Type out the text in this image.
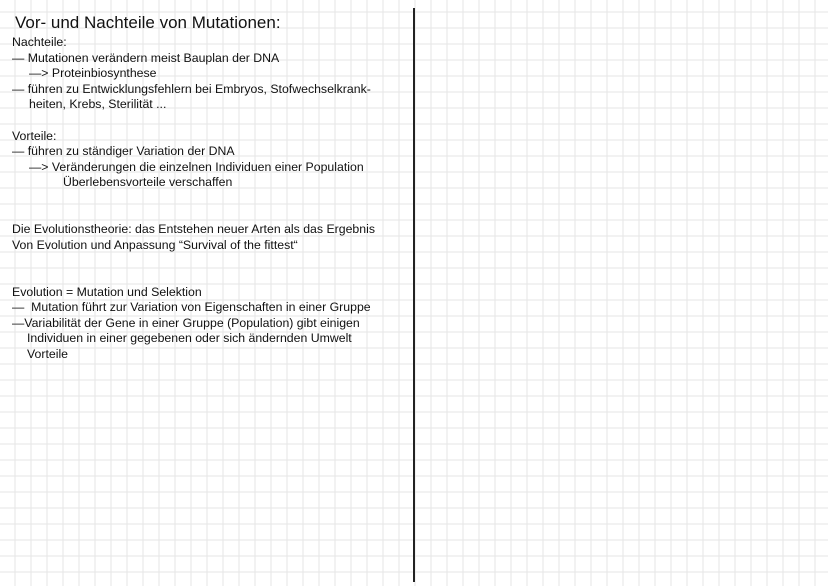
Vor- und Nachteile von Mutationen:
Nachteile:
— Mutationen verändern meist Bauplan der DNA
—> Proteinbiosynthese
— führen zu Entwicklungsfehlern bei Embryos, Stofwechselkrank-
heiten, Krebs, Sterilität ...
Vorteile:
— führen zu ständiger Variation der DNA
—> Veränderungen die einzelnen Individuen einer Population
Überlebensvorteile verschaffen
Die Evolutionstheorie: das Entstehen neuer Arten als das Ergebnis
Von Evolution und Anpassung “Survival of the fittest“
Evolution = Mutation und Selektion
—  Mutation führt zur Variation von Eigenschaften in einer Gruppe
—Variabilität der Gene in einer Gruppe (Population) gibt einigen
Individuen in einer gegebenen oder sich ändernden Umwelt
Vorteile
